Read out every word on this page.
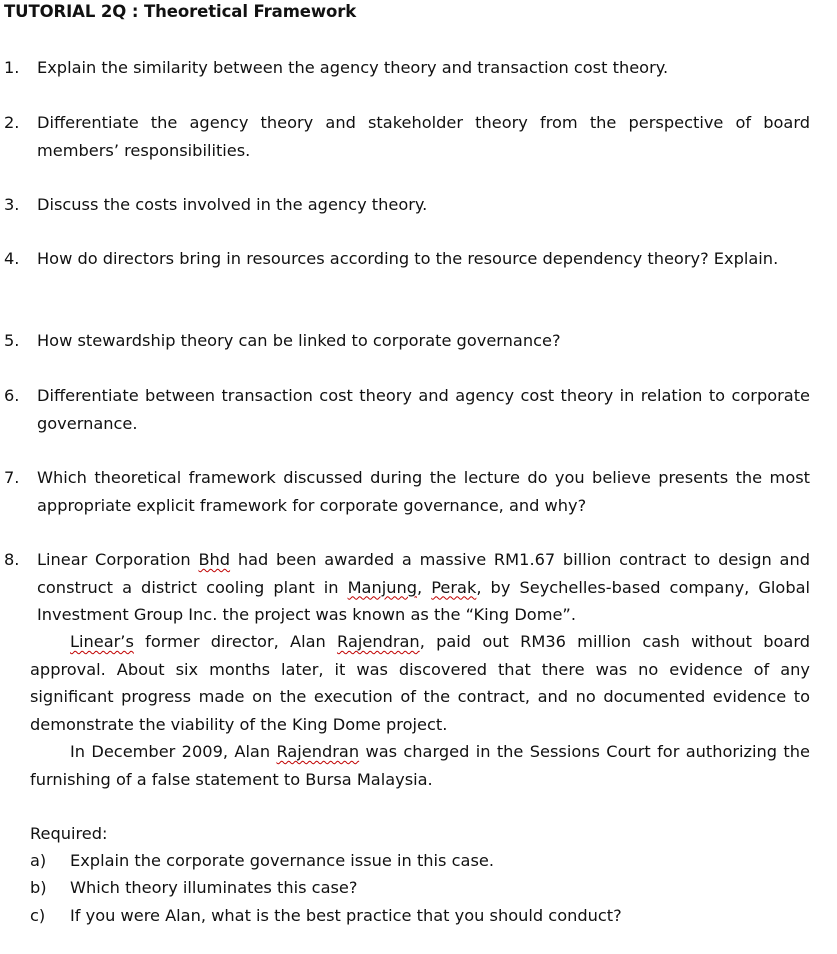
TUTORIAL 2Q : Theoretical Framework
1. Explain the similarity between the agency theory and transaction cost theory.
2. Differentiate the agency theory and stakeholder theory from the perspective of board members’ responsibilities.
3. Discuss the costs involved in the agency theory.
4. How do directors bring in resources according to the resource dependency theory? Explain.
5. How stewardship theory can be linked to corporate governance?
6. Differentiate between transaction cost theory and agency cost theory in relation to corporate governance.
7. Which theoretical framework discussed during the lecture do you believe presents the most appropriate explicit framework for corporate governance, and why?
8. Linear Corporation Bhd had been awarded a massive RM1.67 billion contract to design and construct a district cooling plant in Manjung, Perak, by Seychelles-based company, Global Investment Group Inc. the project was known as the “King Dome”.
Linear’s former director, Alan Rajendran, paid out RM36 million cash without board approval. About six months later, it was discovered that there was no evidence of any significant progress made on the execution of the contract, and no documented evidence to demonstrate the viability of the King Dome project.
In December 2009, Alan Rajendran was charged in the Sessions Court for authorizing the furnishing of a false statement to Bursa Malaysia.
Required:
a) Explain the corporate governance issue in this case.
b) Which theory illuminates this case?
c) If you were Alan, what is the best practice that you should conduct?
